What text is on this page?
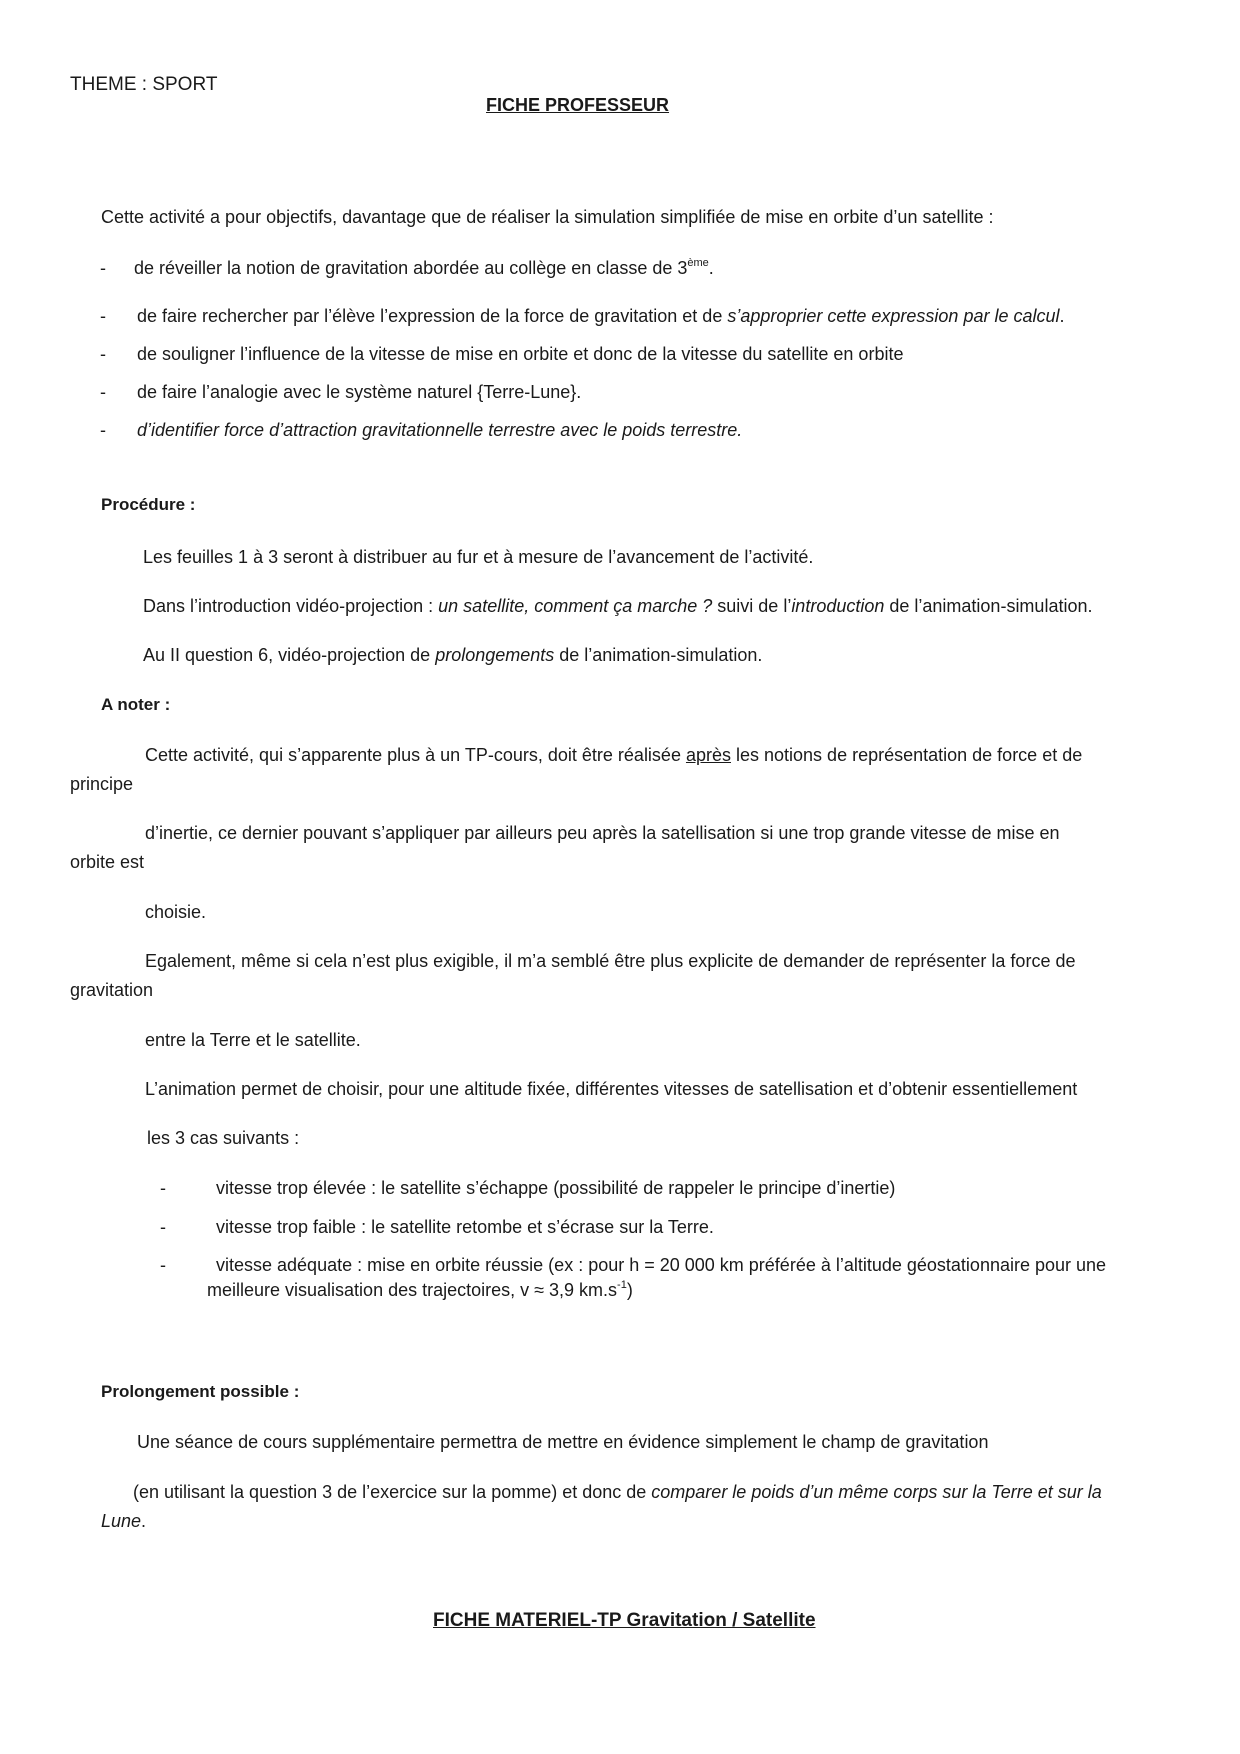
THEME : SPORT
FICHE PROFESSEUR
Cette activité a pour objectifs, davantage que de réaliser la simulation simplifiée de mise en orbite d’un satellite :
- de réveiller la notion de gravitation abordée au collège en classe de 3ème.
- de faire rechercher par l’élève l’expression de la force de gravitation et de s’approprier cette expression par le calcul.
- de souligner l’influence de la vitesse de mise en orbite et donc de la vitesse du satellite en orbite
- de faire l’analogie avec le système naturel {Terre-Lune}.
- d’identifier force d’attraction gravitationnelle terrestre avec le poids terrestre.
Procédure :
Les feuilles 1 à 3 seront à distribuer au fur et à mesure de l’avancement de l’activité.
Dans l’introduction vidéo-projection : un satellite, comment ça marche ? suivi de l’introduction de l’animation-simulation.
Au II question 6, vidéo-projection de prolongements de l’animation-simulation.
A noter :
Cette activité, qui s’apparente plus à un TP-cours, doit être réalisée après les notions de représentation de force et de
principe
d’inertie, ce dernier pouvant s’appliquer par ailleurs peu après la satellisation si une trop grande vitesse de mise en
orbite est
choisie.
Egalement, même si cela n’est plus exigible, il m’a semblé être plus explicite de demander de représenter la force de
gravitation
entre la Terre et le satellite.
L’animation permet de choisir, pour une altitude fixée, différentes vitesses de satellisation et d’obtenir essentiellement
les 3 cas suivants :
-	vitesse trop élevée : le satellite s’échappe (possibilité de rappeler le principe d’inertie)
-	vitesse trop faible : le satellite retombe et s’écrase sur la Terre.
-	vitesse adéquate : mise en orbite réussie (ex : pour h = 20 000 km préférée à l’altitude géostationnaire pour une
meilleure visualisation des trajectoires, v ≈ 3,9 $km.s^{-1}$)
Prolongement possible :
Une séance de cours supplémentaire permettra de mettre en évidence simplement le champ de gravitation
(en utilisant la question 3 de l’exercice sur la pomme) et donc de comparer le poids d’un même corps sur la Terre et sur la
Lune.
FICHE MATERIEL-TP Gravitation / Satellite
